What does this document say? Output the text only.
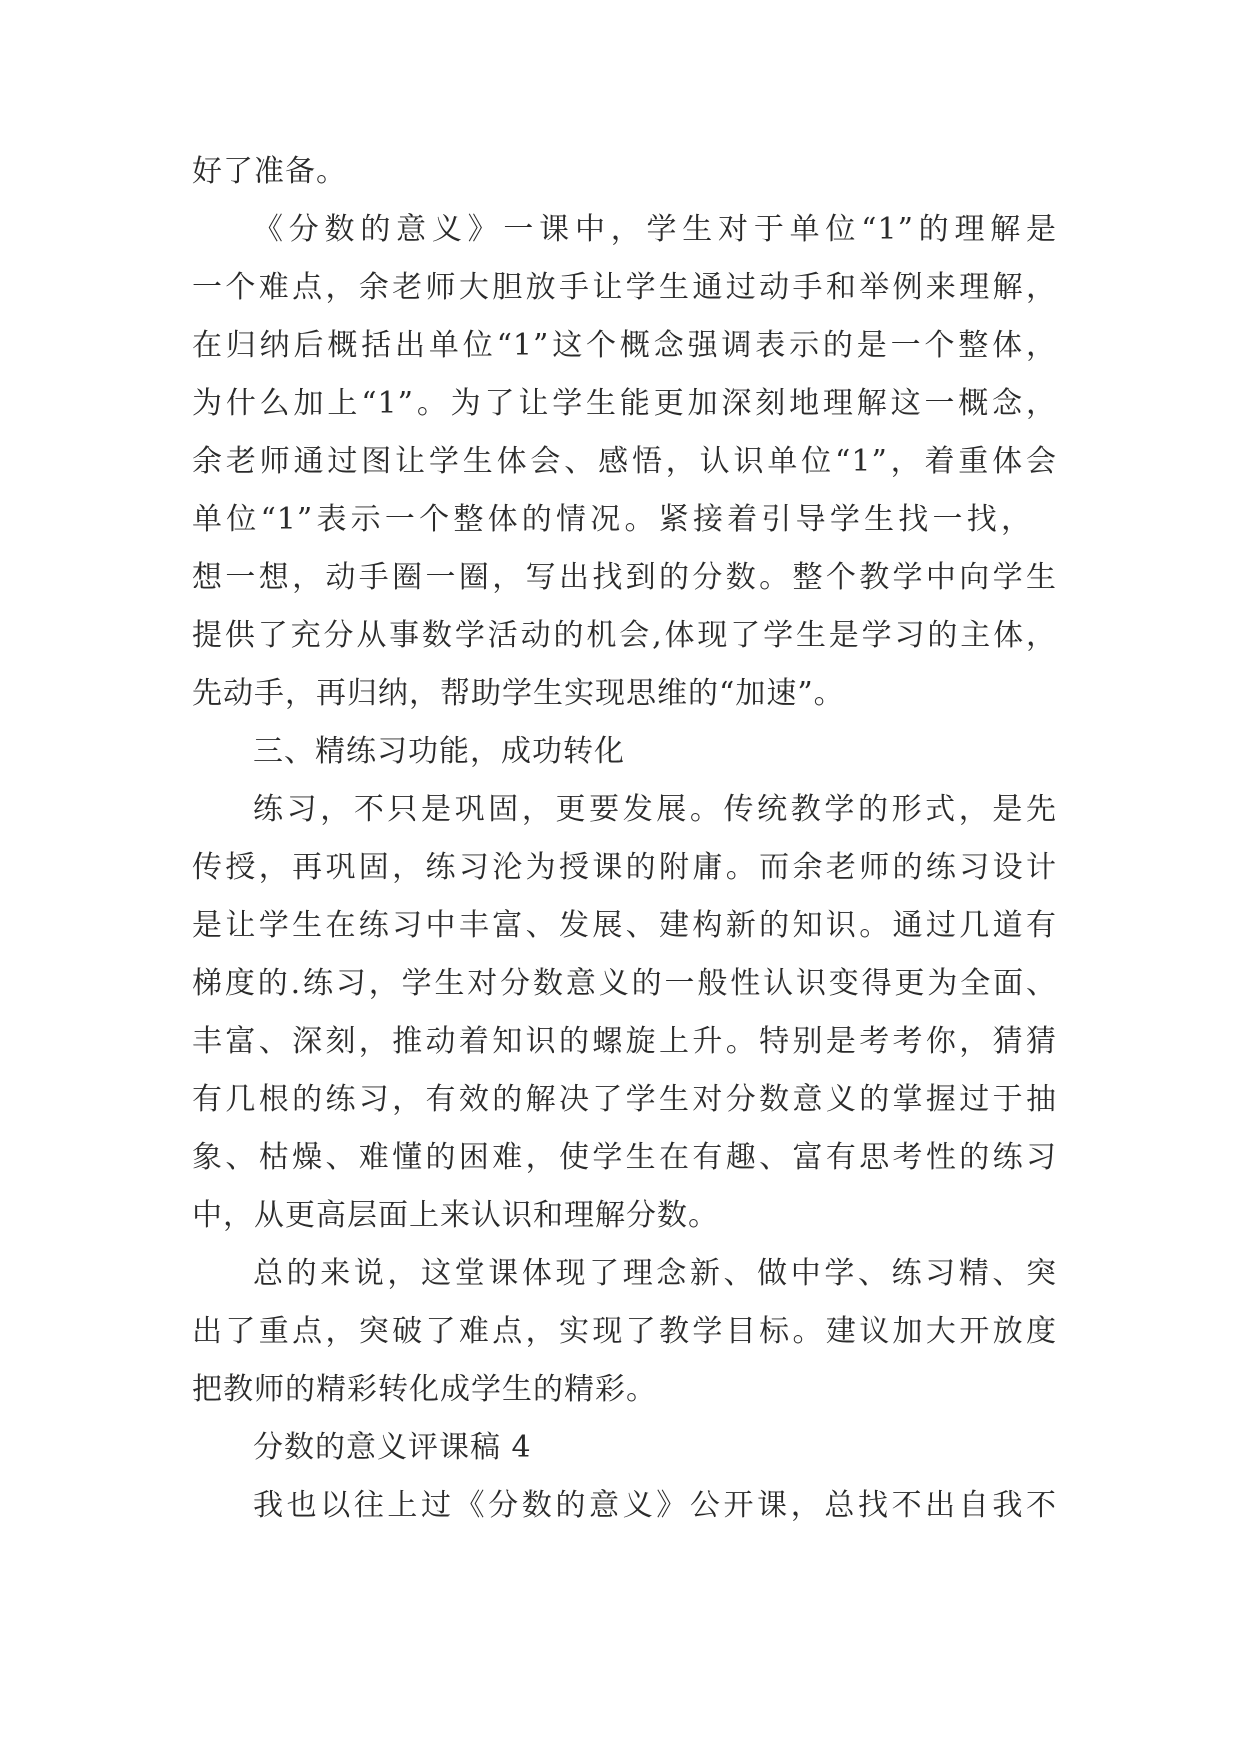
好了准备。
《分数的意义》一课中，学生对于单位“1”的理解是
一个难点，余老师大胆放手让学生通过动手和举例来理解，
在归纳后概括出单位“1”这个概念强调表示的是一个整体，
为什么加上“1”。为了让学生能更加深刻地理解这一概念，
余老师通过图让学生体会、感悟，认识单位“1”，着重体会
单位“1”表示一个整体的情况。紧接着引导学生找一找，
想一想，动手圈一圈，写出找到的分数。整个教学中向学生
提供了充分从事数学活动的机会,体现了学生是学习的主体，
先动手，再归纳，帮助学生实现思维的“加速”。
三、精练习功能，成功转化
练习，不只是巩固，更要发展。传统教学的形式，是先
传授，再巩固，练习沦为授课的附庸。而余老师的练习设计
是让学生在练习中丰富、发展、建构新的知识。通过几道有
梯度的.练习，学生对分数意义的一般性认识变得更为全面、
丰富、深刻，推动着知识的螺旋上升。特别是考考你，猜猜
有几根的练习，有效的解决了学生对分数意义的掌握过于抽
象、枯燥、难懂的困难，使学生在有趣、富有思考性的练习
中，从更高层面上来认识和理解分数。
总的来说，这堂课体现了理念新、做中学、练习精、突
出了重点，突破了难点，实现了教学目标。建议加大开放度
把教师的精彩转化成学生的精彩。
分数的意义评课稿 4
我也以往上过《分数的意义》公开课，总找不出自我不
